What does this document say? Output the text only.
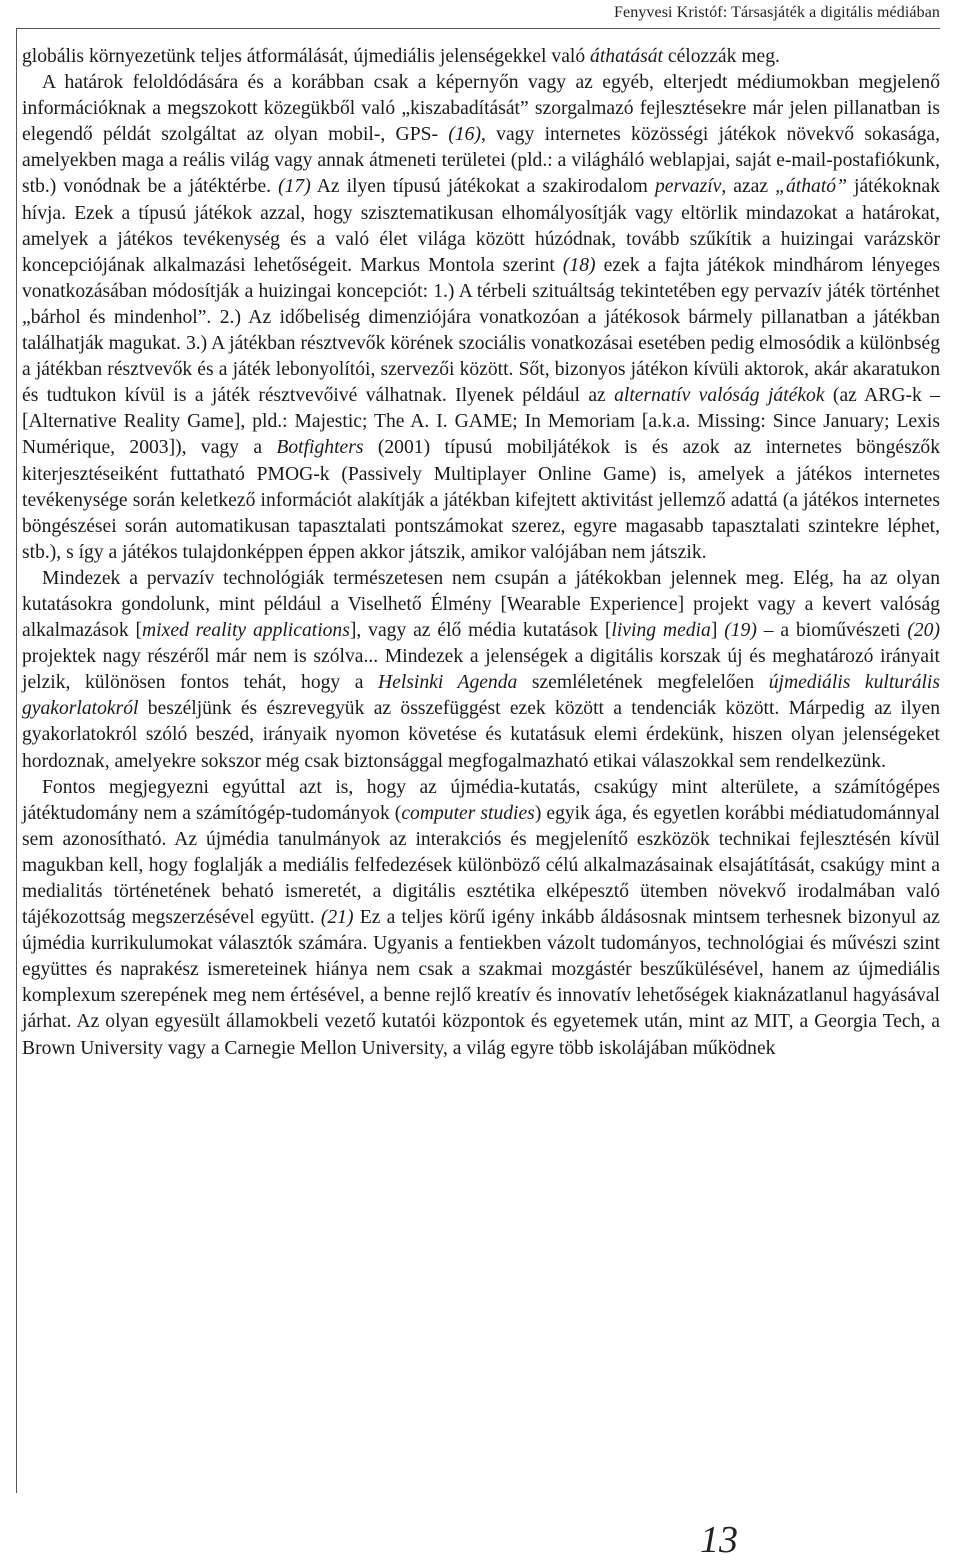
Fenyvesi Kristóf: Társasjáték a digitális médiában

globális környezetünk teljes átformálását, újmediális jelenségekkel való áthatását célozzák meg.

A határok feloldódására és a korábban csak a képernyőn vagy az egyéb, elterjedt médiumokban megjelenő információknak a megszokott közegükből való „kiszabadítását” szorgalmazó fejlesztésekre már jelen pillanatban is elegendő példát szolgáltat az olyan mobil-, GPS- (16), vagy internetes közösségi játékok növekvő sokasága, amelyekben maga a reális világ vagy annak átmeneti területei (pld.: a világháló weblapjai, saját e-mail-postafiókunk, stb.) vonódnak be a játéktérbe. (17) Az ilyen típusú játékokat a szakirodalom pervazív, azaz „átható” játékoknak hívja. Ezek a típusú játékok azzal, hogy szisztematikusan elhomályosítják vagy eltörlik mindazokat a határokat, amelyek a játékos tevékenység és a való élet világa között húzódnak, tovább szűkítik a huizingai varázskör koncepciójának alkalmazási lehetőségeit. Markus Montola szerint (18) ezek a fajta játékok mindhárom lényeges vonatkozásában módosítják a huizingai koncepciót: 1.) A térbeli szituáltság tekintetében egy pervazív játék történhet „bárhol és mindenhol”. 2.) Az időbeliség dimenziójára vonatkozóan a játékosok bármely pillanatban a játékban találhatják magukat. 3.) A játékban résztvevők körének szociális vonatkozásai esetében pedig elmosódik a különbség a játékban résztvevők és a játék lebonyolítói, szervezői között. Sőt, bizonyos játékon kívüli aktorok, akár akaratukon és tudtukon kívül is a játék résztvevőivé válhatnak. Ilyenek például az alternatív valóság játékok (az ARG-k – [Alternative Reality Game], pld.: Majestic; The A. I. GAME; In Memoriam [a.k.a. Missing: Since January; Lexis Numérique, 2003]), vagy a Botfighters (2001) típusú mobiljátékok is és azok az internetes böngészők kiterjesztéseiként futtatható PMOG-k (Passively Multiplayer Online Game) is, amelyek a játékos internetes tevékenysége során keletkező információt alakítják a játékban kifejtett aktivitást jellemző adattá (a játékos internetes böngészései során automatikusan tapasztalati pontszámokat szerez, egyre magasabb tapasztalati szintekre léphet, stb.), s így a játékos tulajdonképpen éppen akkor játszik, amikor valójában nem játszik.

Mindezek a pervazív technológiák természetesen nem csupán a játékokban jelennek meg. Elég, ha az olyan kutatásokra gondolunk, mint például a Viselhető Élmény [Wearable Experience] projekt vagy a kevert valóság alkalmazások [mixed reality applications], vagy az élő média kutatások [living media] (19) – a bioművészeti (20) projektek nagy részéről már nem is szólva... Mindezek a jelenségek a digitális korszak új és meghatározó irányait jelzik, különösen fontos tehát, hogy a Helsinki Agenda szemléletének megfelelően újmediális kulturális gyakorlatokról beszéljünk és észrevegyük az összefüggést ezek között a tendenciák között. Márpedig az ilyen gyakorlatokról szóló beszéd, irányaik nyomon követése és kutatásuk elemi érdekünk, hiszen olyan jelenségeket hordoznak, amelyekre sokszor még csak biztonsággal megfogalmazható etikai válaszokkal sem rendelkezünk.

Fontos megjegyezni egyúttal azt is, hogy az újmédia-kutatás, csakúgy mint alterülete, a számítógépes játéktudomány nem a számítógép-tudományok (computer studies) egyik ága, és egyetlen korábbi médiatudománnyal sem azonosítható. Az újmédia tanulmányok az interakciós és megjelenítő eszközök technikai fejlesztésén kívül magukban kell, hogy foglalják a mediális felfedezések különböző célú alkalmazásainak elsajátítását, csakúgy mint a medialitás történetének beható ismeretét, a digitális esztétika elképesztő ütemben növekvő irodalmában való tájékozottság megszerzésével együtt. (21) Ez a teljes körű igény inkább áldásosnak mintsem terhesnek bizonyul az újmédia kurrikulumokat választók számára. Ugyanis a fentiekben vázolt tudományos, technológiai és művészi szint együttes és naprakész ismereteinek hiánya nem csak a szakmai mozgástér beszűkülésével, hanem az újmediális komplexum szerepének meg nem értésével, a benne rejlő kreatív és innovatív lehetőségek kiaknázatlanul hagyásával járhat. Az olyan egyesült államokbeli vezető kutatói központok és egyetemek után, mint az MIT, a Georgia Tech, a Brown University vagy a Carnegie Mellon University, a világ egyre több iskolájában működnek

13
